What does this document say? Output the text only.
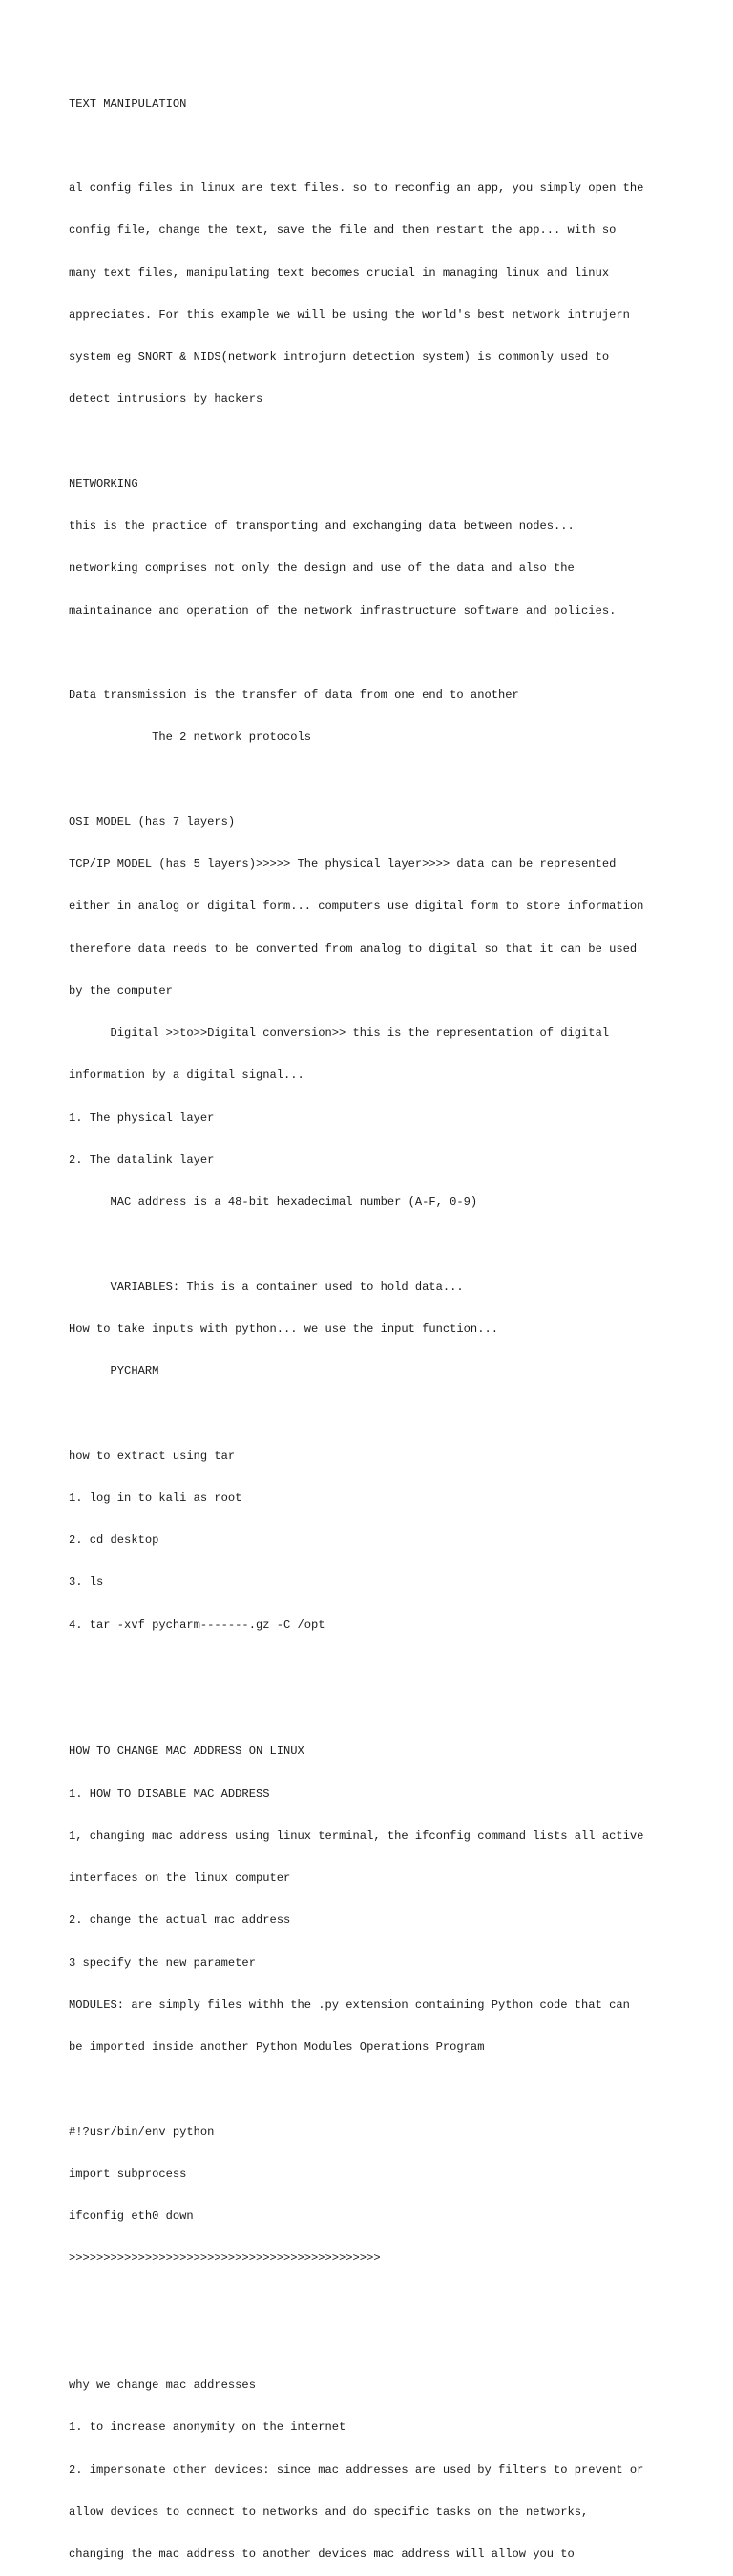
TEXT MANIPULATION

al config files in linux are text files. so to reconfig an app, you simply open the

config file, change the text, save the file and then restart the app... with so

many text files, manipulating text becomes crucial in managing linux and linux

appreciates. For this example we will be using the world's best network intrujern

system eg SNORT & NIDS(network introjurn detection system) is commonly used to

detect intrusions by hackers

NETWORKING

this is the practice of transporting and exchanging data between nodes...

networking comprises not only the design and use of the data and also the

maintainance and operation of the network infrastructure software and policies.

Data transmission is the transfer of data from one end to another

The 2 network protocols

OSI MODEL (has 7 layers)

TCP/IP MODEL (has 5 layers)>>>>> The physical layer>>>> data can be represented

either in analog or digital form... computers use digital form to store information

therefore data needs to be converted from analog to digital so that it can be used

by the computer

Digital >>to>>Digital conversion>> this is the representation of digital

information by a digital signal...

1. The physical layer

2. The datalink layer

MAC address is a 48-bit hexadecimal number (A-F, 0-9)

VARIABLES: This is a container used to hold data...

How to take inputs with python... we use the input function...

PYCHARM

how to extract using tar

1. log in to kali as root

2. cd desktop

3. ls

4. tar -xvf pycharm-------.gz -C /opt

HOW TO CHANGE MAC ADDRESS ON LINUX

1. HOW TO DISABLE MAC ADDRESS

1, changing mac address using linux terminal, the ifconfig command lists all active

interfaces on the linux computer

2. change the actual mac address

3 specify the new parameter

MODULES: are simply files withh the .py extension containing Python code that can

be imported inside another Python Modules Operations Program

#!?usr/bin/env python

import subprocess

ifconfig eth0 down

>>>>>>>>>>>>>>>>>>>>>>>>>>>>>>>>>>>>>>>>>>>>>

why we change mac addresses

1. to increase anonymity on the internet

2. impersonate other devices: since mac addresses are used by filters to prevent or

allow devices to connect to networks and do specific tasks on the networks,

changing the mac address to another devices mac address will allow you to
